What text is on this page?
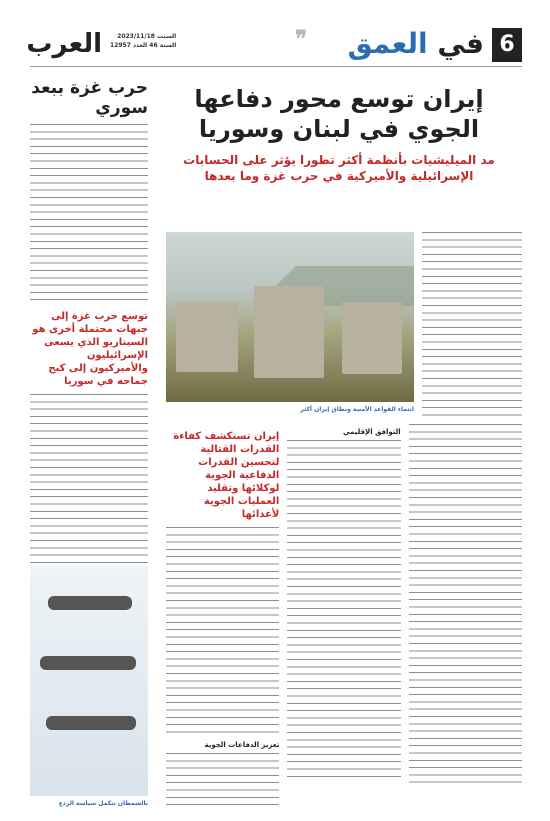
6
في العمق
❞
السبت 2023/11/18
السنة 46 العدد 12957
العرب
حرب غزة ببعد سوري
توسع حرب غزة إلى جبهات محتملة أخرى هو السيناريو الذي يسعى الإسرائيليون والأميركيون إلى كبح جماحه في سوريا
بالشمطان تتكمل سياسة الردع
إيران توسع محور دفاعها الجوي في لبنان وسوريا
مد الميليشيات بأنظمة أكثر تطورا يؤثر على الحسابات الإسرائيلية والأميركية في حرب غزة وما بعدها
انتماء القواعد الأمنية ونطاق إيران أكثر
التوافق الإقليمي
إيران تستكشف كفاءة القدرات القتالية لتحسين القدرات الدفاعية الجوية لوكلائها وتقليد العمليات الجوية لأعدائها
تعزيز الدفاعات الجوية
